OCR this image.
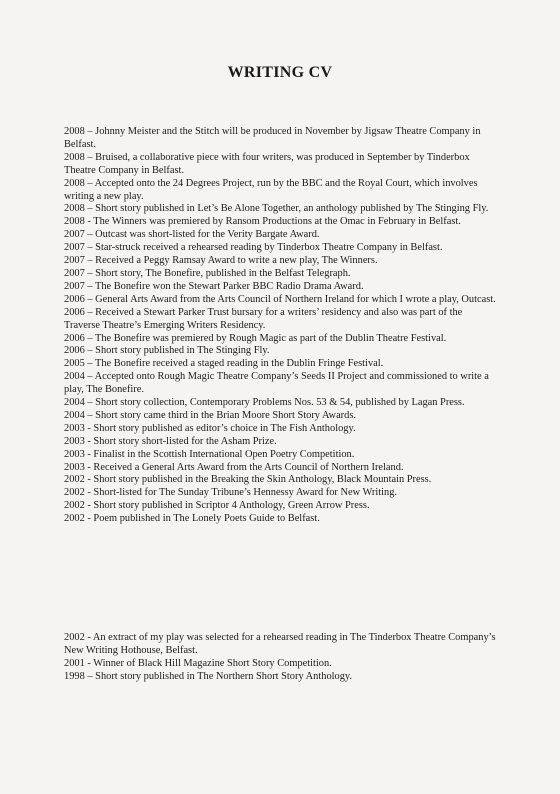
WRITING CV

2008 – Johnny Meister and the Stitch will be produced in November by Jigsaw Theatre Company in Belfast.

2008 – Bruised, a collaborative piece with four writers, was produced in September by Tinderbox Theatre Company in Belfast.

2008 – Accepted onto the 24 Degrees Project, run by the BBC and the Royal Court, which involves writing a new play.

2008 – Short story published in Let’s Be Alone Together, an anthology published by The Stinging Fly.

2008 - The Winners was premiered by Ransom Productions at the Omac in February in Belfast.

2007 – Outcast was short-listed for the Verity Bargate Award.

2007 – Star-struck received a rehearsed reading by Tinderbox Theatre Company in Belfast.

2007 – Received a Peggy Ramsay Award to write a new play, The Winners.

2007 – Short story, The Bonefire, published in the Belfast Telegraph.

2007 – The Bonefire won the Stewart Parker BBC Radio Drama Award.

2006 – General Arts Award from the Arts Council of Northern Ireland for which I wrote a play, Outcast.

2006 – Received a Stewart Parker Trust bursary for a writers’ residency and also was part of the Traverse Theatre’s Emerging Writers Residency.

2006 – The Bonefire was premiered by Rough Magic as part of the Dublin Theatre Festival.

2006 – Short story published in The Stinging Fly.

2005 – The Bonefire received a staged reading in the Dublin Fringe Festival.

2004 – Accepted onto Rough Magic Theatre Company’s Seeds II Project and commissioned to write a play, The Bonefire.

2004 – Short story collection, Contemporary Problems Nos. 53 & 54, published by Lagan Press.

2004 – Short story came third in the Brian Moore Short Story Awards.

2003 - Short story published as editor’s choice in The Fish Anthology.

2003 - Short story short-listed for the Asham Prize.

2003 - Finalist in the Scottish International Open Poetry Competition.

2003 - Received a General Arts Award from the Arts Council of Northern Ireland.

2002 - Short story published in the Breaking the Skin Anthology, Black Mountain Press.

2002 - Short-listed for The Sunday Tribune’s Hennessy Award for New Writing.

2002 - Short story published in Scriptor 4 Anthology, Green Arrow Press.

2002 - Poem published in The Lonely Poets Guide to Belfast.

2002 - An extract of my play was selected for a rehearsed reading in The Tinderbox Theatre Company’s New Writing Hothouse, Belfast.

2001 - Winner of Black Hill Magazine Short Story Competition.

1998 – Short story published in The Northern Short Story Anthology.
